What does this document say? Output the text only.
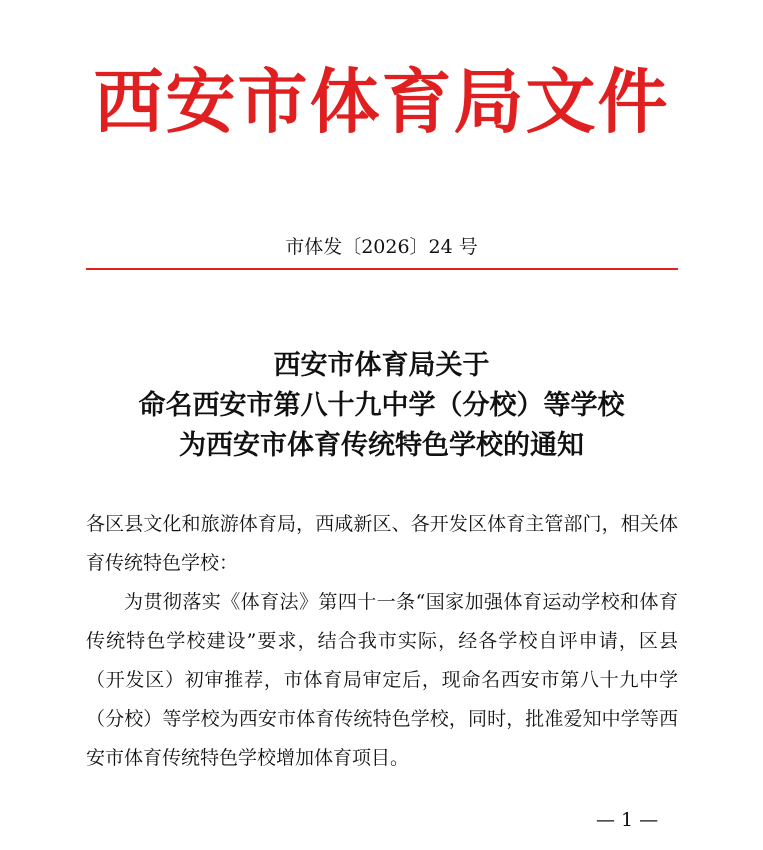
西安市体育局文件
市体发〔2026〕24 号
西安市体育局关于
命名西安市第八十九中学（分校）等学校
为西安市体育传统特色学校的通知

各区县文化和旅游体育局，西咸新区、各开发区体育主管部门，相关体育传统特色学校：

为贯彻落实《体育法》第四十一条“国家加强体育运动学校和体育传统特色学校建设”要求，结合我市实际，经各学校自评申请，区县（开发区）初审推荐，市体育局审定后，现命名西安市第八十九中学（分校）等学校为西安市体育传统特色学校，同时，批准爱知中学等西安市体育传统特色学校增加体育项目。

— 1 —
